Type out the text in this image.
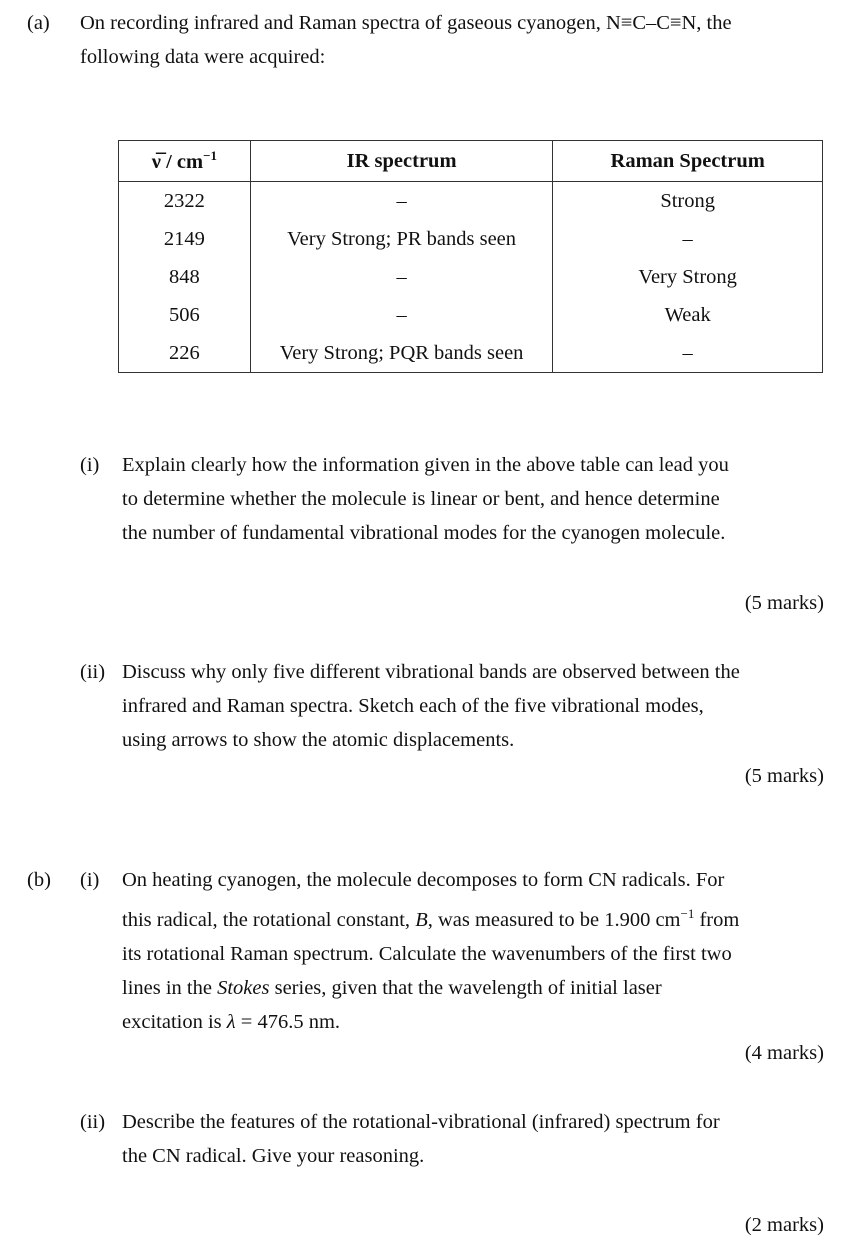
(a) On recording infrared and Raman spectra of gaseous cyanogen, N≡C–C≡N, the
following data were acquired:
ν̅ / $cm^{-1}$	IR spectrum	Raman Spectrum
2322	–	Strong
2149	Very Strong; PR bands seen	–
848	–	Very Strong
506	–	Weak
226	Very Strong; PQR bands seen	–
(i) Explain clearly how the information given in the above table can lead you
to determine whether the molecule is linear or bent, and hence determine
the number of fundamental vibrational modes for the cyanogen molecule.
(5 marks)
(ii) Discuss why only five different vibrational bands are observed between the
infrared and Raman spectra. Sketch each of the five vibrational modes,
using arrows to show the atomic displacements.
(5 marks)
(b) (i) On heating cyanogen, the molecule decomposes to form CN radicals. For
this radical, the rotational constant, B, was measured to be 1.900 $cm^{-1}$ from
its rotational Raman spectrum. Calculate the wavenumbers of the first two
lines in the Stokes series, given that the wavelength of initial laser
excitation is λ = 476.5 nm.
(4 marks)
(ii) Describe the features of the rotational-vibrational (infrared) spectrum for
the CN radical. Give your reasoning.
(2 marks)
